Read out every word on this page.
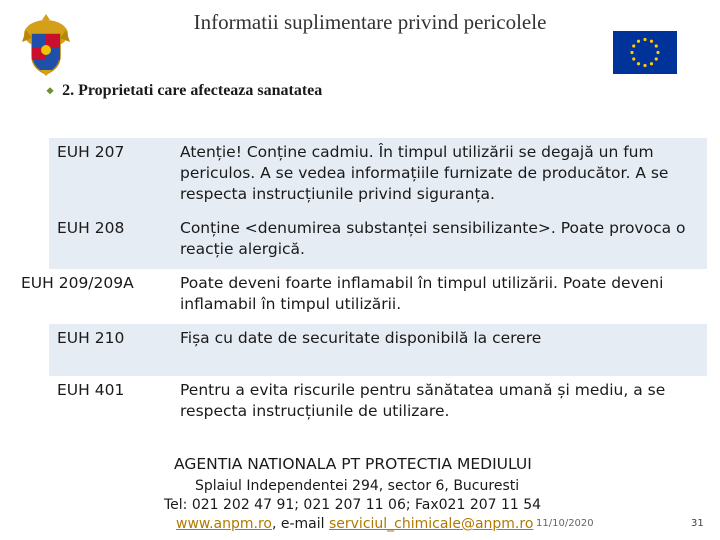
Informatii suplimentare privind pericolele
❖ 2. Proprietati care afecteaza sanatatea
EUH 207	Atenție! Conține cadmiu. În timpul utilizării se degajă un fum periculos. A se vedea informațiile furnizate de producător. A se respecta instrucțiunile privind siguranța.
EUH 208	Conține <denumirea substanței sensibilizante>. Poate provoca o reacție alergică.

EUH 209/209A	Poate deveni foarte inflamabil în timpul utilizării. Poate deveni inflamabil în timpul utilizării.
EUH 210	Fișa cu date de securitate disponibilă la cerere
EUH 401	Pentru a evita riscurile pentru sănătatea umană și mediu, a se respecta instrucțiunile de utilizare.
AGENTIA NATIONALA PT PROTECTIA MEDIULUI
Splaiul Independentei 294, sector 6, Bucuresti
Tel: 021 202 47 91; 021 207 11 06; Fax021 207 11 54
www.anpm.ro, e-mail serviciul_chimicale@anpm.ro 11/10/2020	31
